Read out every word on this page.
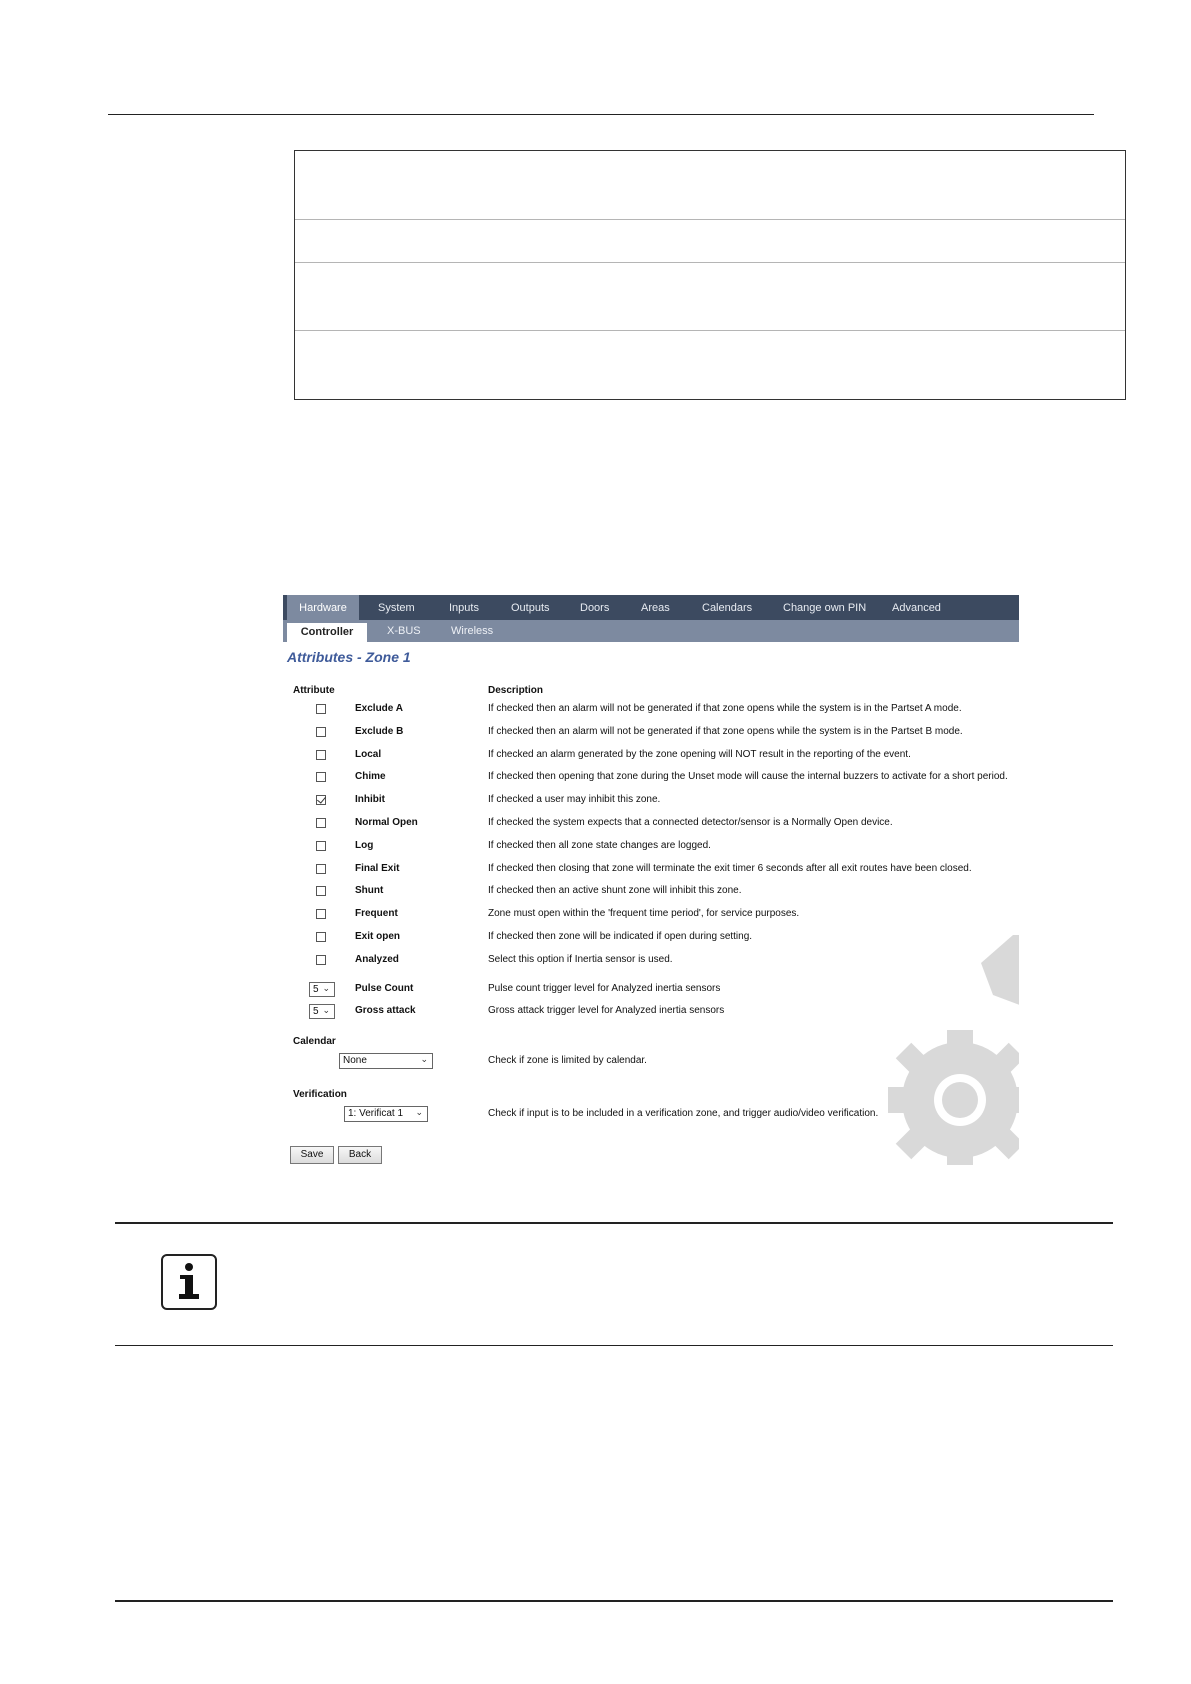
Hardware	System	Inputs	Outputs	Doors	Areas	Calendars	Change own PIN Advanced
Controller	X-BUS	Wireless
Attributes - Zone 1
Attribute	Description
Exclude A	If checked then an alarm will not be generated if that zone opens while the system is in the Partset A mode.
Exclude B	If checked then an alarm will not be generated if that zone opens while the system is in the Partset B mode.
Local	If checked an alarm generated by the zone opening will NOT result in the reporting of the event.
Chime	If checked then opening that zone during the Unset mode will cause the internal buzzers to activate for a short period.
Inhibit	If checked a user may inhibit this zone.
Normal Open	If checked the system expects that a connected detector/sensor is a Normally Open device.
Log	If checked then all zone state changes are logged.
Final Exit	If checked then closing that zone will terminate the exit timer 6 seconds after all exit routes have been closed.
Shunt	If checked then an active shunt zone will inhibit this zone.
Frequent	Zone must open within the 'frequent time period', for service purposes.
Exit open	If checked then zone will be indicated if open during setting.
Analyzed	Select this option if Inertia sensor is used.
5 ⌄	Pulse Count	Pulse count trigger level for Analyzed inertia sensors
5 ⌄	Gross attack	Gross attack trigger level for Analyzed inertia sensors
Calendar
None	⌄	Check if zone is limited by calendar.
Verification
1: Verificat 1 ⌄	Check if input is to be included in a verification zone, and trigger audio/video verification.
Save	Back
